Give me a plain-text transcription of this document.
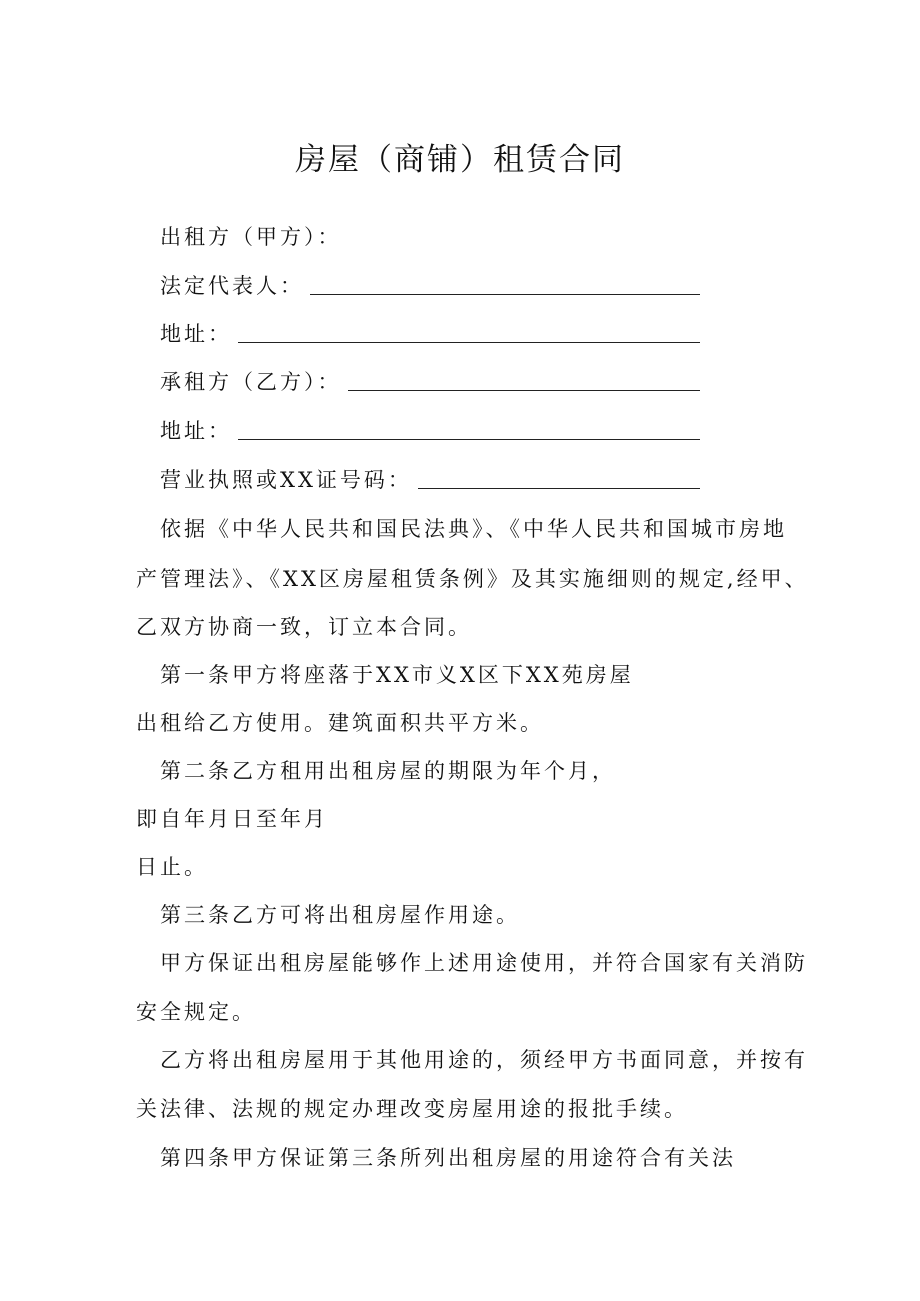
房屋（商铺）租赁合同
出租方（甲方）：
法定代表人：
地址：
承租方（乙方）：
地址：
营业执照或XX证号码：
依据《中华人民共和国民法典》、《中华人民共和国城市房地
产管理法》、《XX区房屋租赁条例》及其实施细则的规定,经甲、
乙双方协商一致，订立本合同。
第一条甲方将座落于XX市义X区下XX苑房屋
出租给乙方使用。建筑面积共平方米。
第二条乙方租用出租房屋的期限为年个月，
即自年月日至年月
日止。
第三条乙方可将出租房屋作用途。
甲方保证出租房屋能够作上述用途使用，并符合国家有关消防
安全规定。
乙方将出租房屋用于其他用途的，须经甲方书面同意，并按有
关法律、法规的规定办理改变房屋用途的报批手续。
第四条甲方保证第三条所列出租房屋的用途符合有关法
